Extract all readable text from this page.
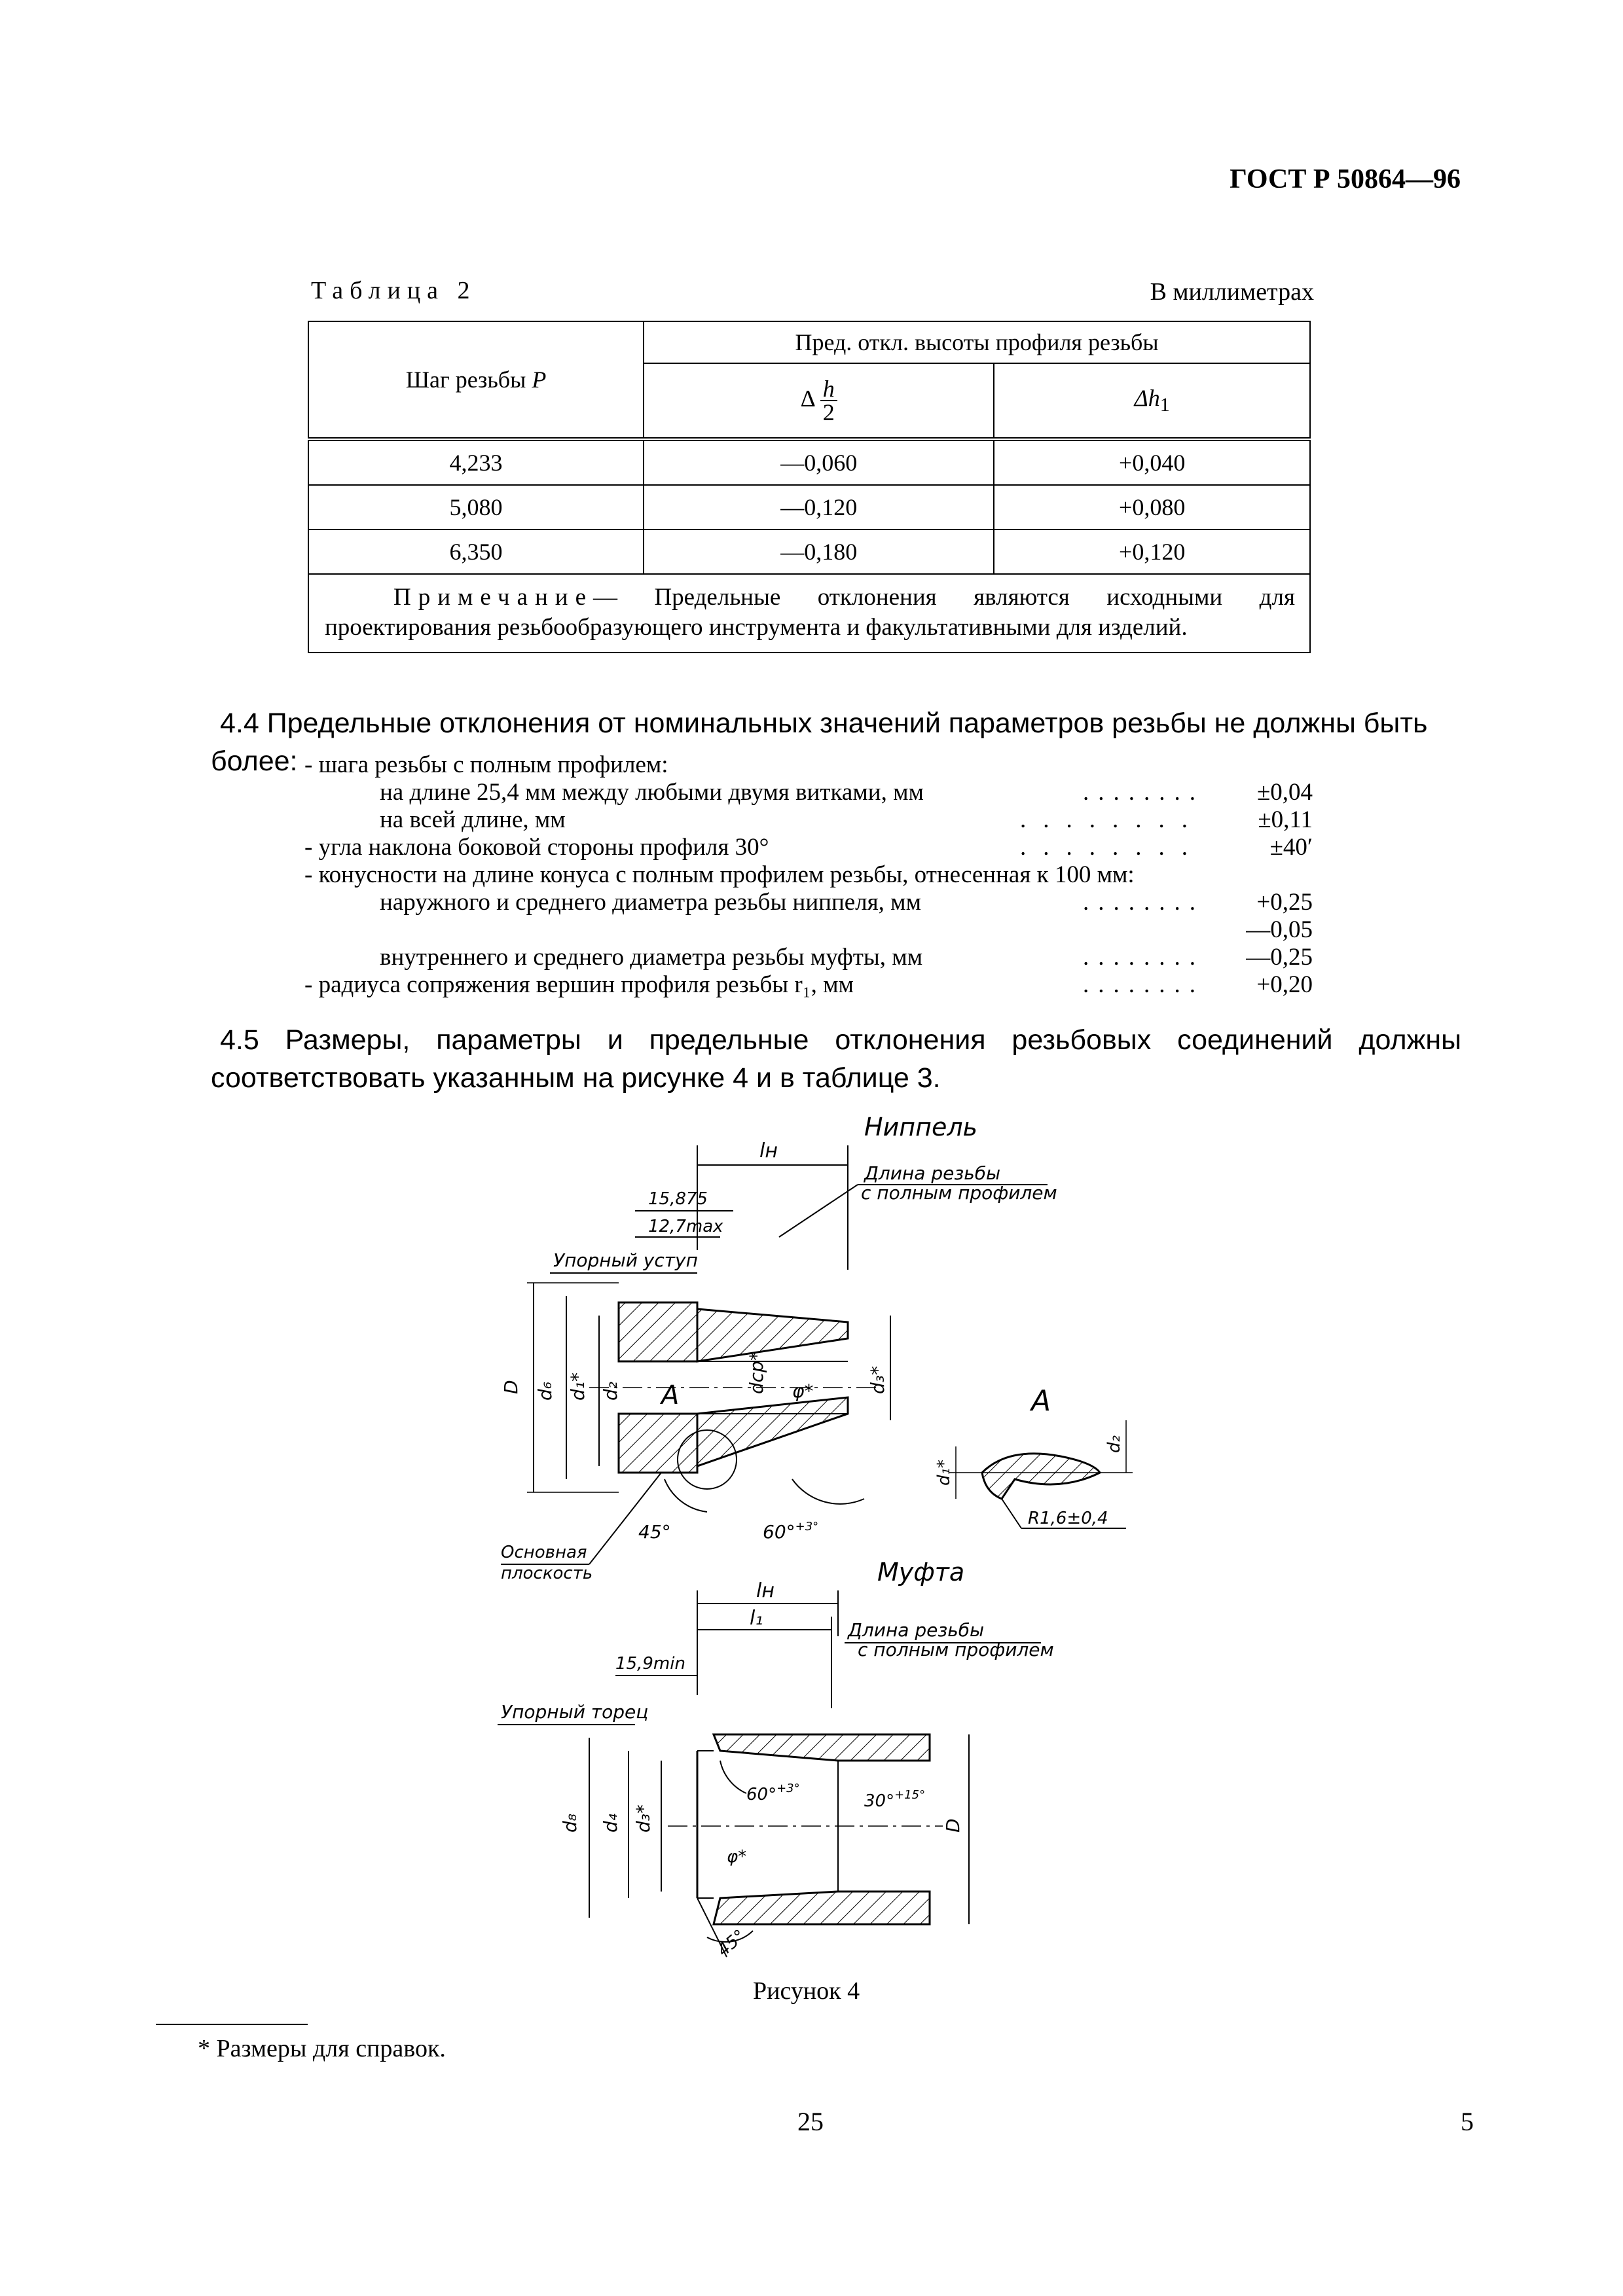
ГОСТ Р 50864—96
Таблица 2	В миллиметрах
Шаг резьбы P	Пред. откл. высоты профиля резьбы	
	Δ $\frac{h}{2}$	$\Delta h_1$
4,233	—0,060	+0,040
5,080	—0,120	+0,080
6,350	—0,180	+0,120
Примечание— Предельные отклонения являются исходными для проектирования резьбообразующего инструмента и факультативными для изделий.		
4.4 Предельные отклонения от номинальных значений параметров резьбы не должны быть более: - шага резьбы с полным профилем:
........
на длине 25,4 мм между любыми двумя витками, мм	±0,04
........
на всей длине, мм	±0,11
........
- угла наклона боковой стороны профиля 30°	±40′
- конусности на длине конуса с полным профилем резьбы, отнесенная к 100 мм:
........
наружного и среднего диаметра резьбы ниппеля, мм	+0,25
—0,05
........
внутреннего и среднего диаметра резьбы муфты, мм	—0,25
........
- радиуса сопряжения вершин профиля резьбы r₁, мм	+0,20
4.5 Размеры, параметры и предельные отклонения резьбовых соединений должны соответствовать указанным на рисунке 4 и в таблице 3.
Ниппель
lн
15,875
12,7max
Длина резьбы
с полным профилем
Упорный уступ
D d₆ d₁* d₂	dср* φ*	d₃*
A
45°	60°$^{+3^\circ}$
Основная
плоскость
A
d₁*
d₂
R1,6±0,4
Муфта
lн
l₁
Длина резьбы
с полным профилем
15,9min
Упорный торец
d₈ d₄ d₃*	D
φ*
60°$^{+3^\circ}$
30°$^{+15^\circ}$
45°
Рисунок 4
* Размеры для справок.
25	5
